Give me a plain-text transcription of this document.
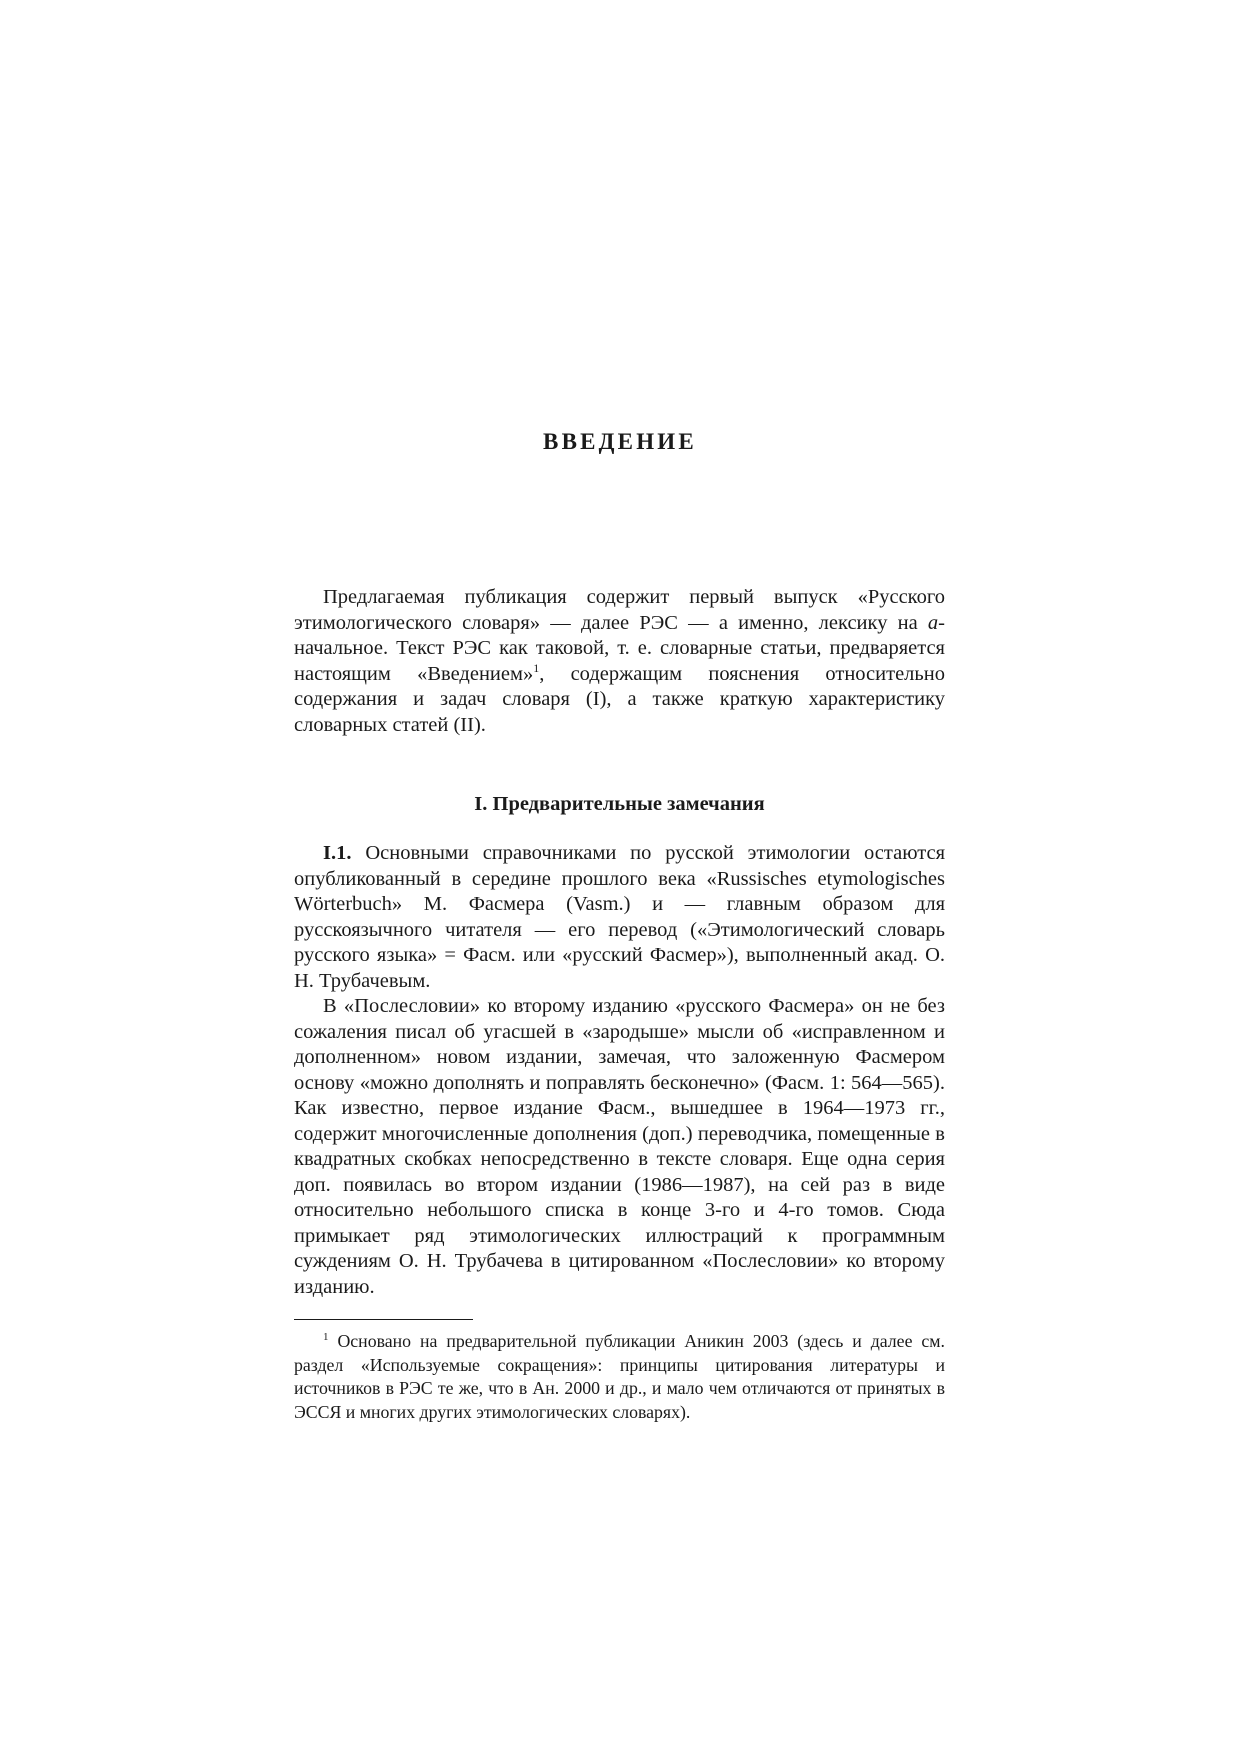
ВВЕДЕНИЕ

Предлагаемая публикация содержит первый выпуск «Русского этимологического словаря» — далее РЭС — а именно, лексику на а-начальное. Текст РЭС как таковой, т. е. словарные статьи, предваряется настоящим «Введением»$^1$, содержащим пояснения относительно содержания и задач словаря (I), а также краткую характеристику словарных статей (II).

I. Предварительные замечания

I.1. Основными справочниками по русской этимологии остаются опубликованный в середине прошлого века «Russisches etymologisches Wörterbuch» М. Фасмера (Vasm.) и — главным образом для русскоязычного читателя — его перевод («Этимологический словарь русского языка» = Фасм. или «русский Фасмер»), выполненный акад. О. Н. Трубачевым.

В «Послесловии» ко второму изданию «русского Фасмера» он не без сожаления писал об угасшей в «зародыше» мысли об «исправленном и дополненном» новом издании, замечая, что заложенную Фасмером основу «можно дополнять и поправлять бесконечно» (Фасм. 1: 564—565). Как известно, первое издание Фасм., вышедшее в 1964—1973 гг., содержит многочисленные дополнения (доп.) переводчика, помещенные в квадратных скобках непосредственно в тексте словаря. Еще одна серия доп. появилась во втором издании (1986—1987), на сей раз в виде относительно небольшого списка в конце 3-го и 4-го томов. Сюда примыкает ряд этимологических иллюстраций к программным суждениям О. Н. Трубачева в цитированном «Послесловии» ко второму изданию.

$^1$ Основано на предварительной публикации Аникин 2003 (здесь и далее см. раздел «Используемые сокращения»: принципы цитирования литературы и источников в РЭС те же, что в Ан. 2000 и др., и мало чем отличаются от принятых в ЭССЯ и многих других этимологических словарях).
